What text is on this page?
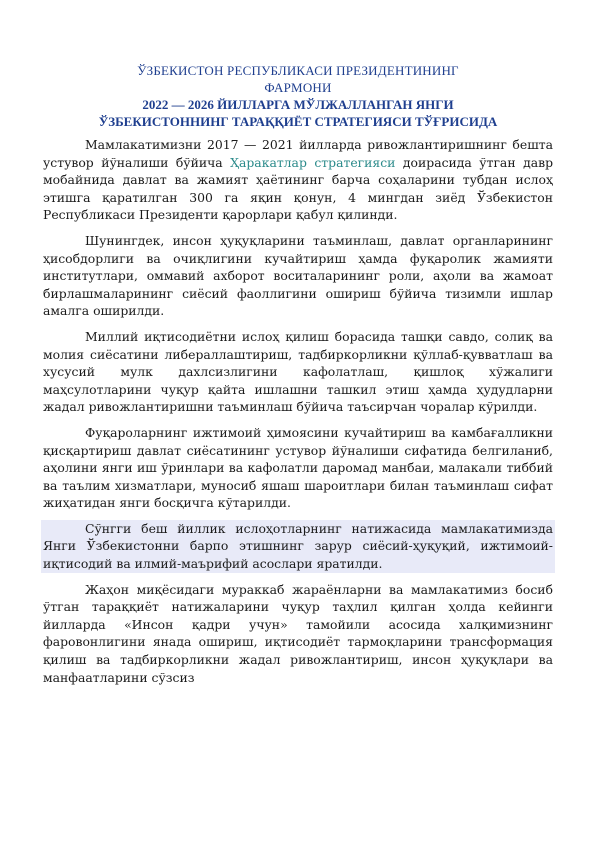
ЎЗБЕКИСТОН РЕСПУБЛИКАСИ ПРЕЗИДЕНТИНИНГ
ФАРМОНИ
2022 — 2026 ЙИЛЛАРГА МЎЛЖАЛЛАНГАН ЯНГИ
ЎЗБЕКИСТОННИНГ ТАРАҚҚИЁТ СТРАТЕГИЯСИ ТЎҒРИСИДА

Мамлакатимизни 2017 — 2021 йилларда ривожлантиришнинг бешта устувор йўналиши бўйича Ҳаракатлар стратегияси доирасида ўтган давр мобайнида давлат ва жамият ҳаётининг барча соҳаларини тубдан ислоҳ этишга қаратилган 300 га яқин қонун, 4 мингдан зиёд Ўзбекистон Республикаси Президенти қарорлари қабул қилинди.

Шунингдек, инсон ҳуқуқларини таъминлаш, давлат органларининг ҳисобдорлиги ва очиқлигини кучайтириш ҳамда фуқаролик жамияти институтлари, оммавий ахборот воситаларининг роли, аҳоли ва жамоат бирлашмаларининг сиёсий фаоллигини ошириш бўйича тизимли ишлар амалга оширилди.

Миллий иқтисодиётни ислоҳ қилиш борасида ташқи савдо, солиқ ва молия сиёсатини либераллаштириш, тадбиркорликни қўллаб-қувватлаш ва хусусий мулк дахлсизлигини кафолатлаш, қишлоқ хўжалиги маҳсулотларини чуқур қайта ишлашни ташкил этиш ҳамда ҳудудларни жадал ривожлантиришни таъминлаш бўйича таъсирчан чоралар кўрилди.

Фуқароларнинг ижтимоий ҳимоясини кучайтириш ва камбағалликни қисқартириш давлат сиёсатининг устувор йўналиши сифатида белгиланиб, аҳолини янги иш ўринлари ва кафолатли даромад манбаи, малакали тиббий ва таълим хизматлари, муносиб яшаш шароитлари билан таъминлаш сифат жиҳатидан янги босқичга кўтарилди.

Сўнгги беш йиллик ислоҳотларнинг натижасида мамлакатимизда Янги Ўзбекистонни барпо этишнинг зарур сиёсий-ҳуқуқий, ижтимоий-иқтисодий ва илмий-маърифий асослари яратилди.

Жаҳон миқёсидаги мураккаб жараёнларни ва мамлакатимиз босиб ўтган тараққиёт натижаларини чуқур таҳлил қилган ҳолда кейинги йилларда «Инсон қадри учун» тамойили асосида халқимизнинг фаровонлигини янада ошириш, иқтисодиёт тармоқларини трансформация қилиш ва тадбиркорликни жадал ривожлантириш, инсон ҳуқуқлари ва манфаатларини сўзсиз
